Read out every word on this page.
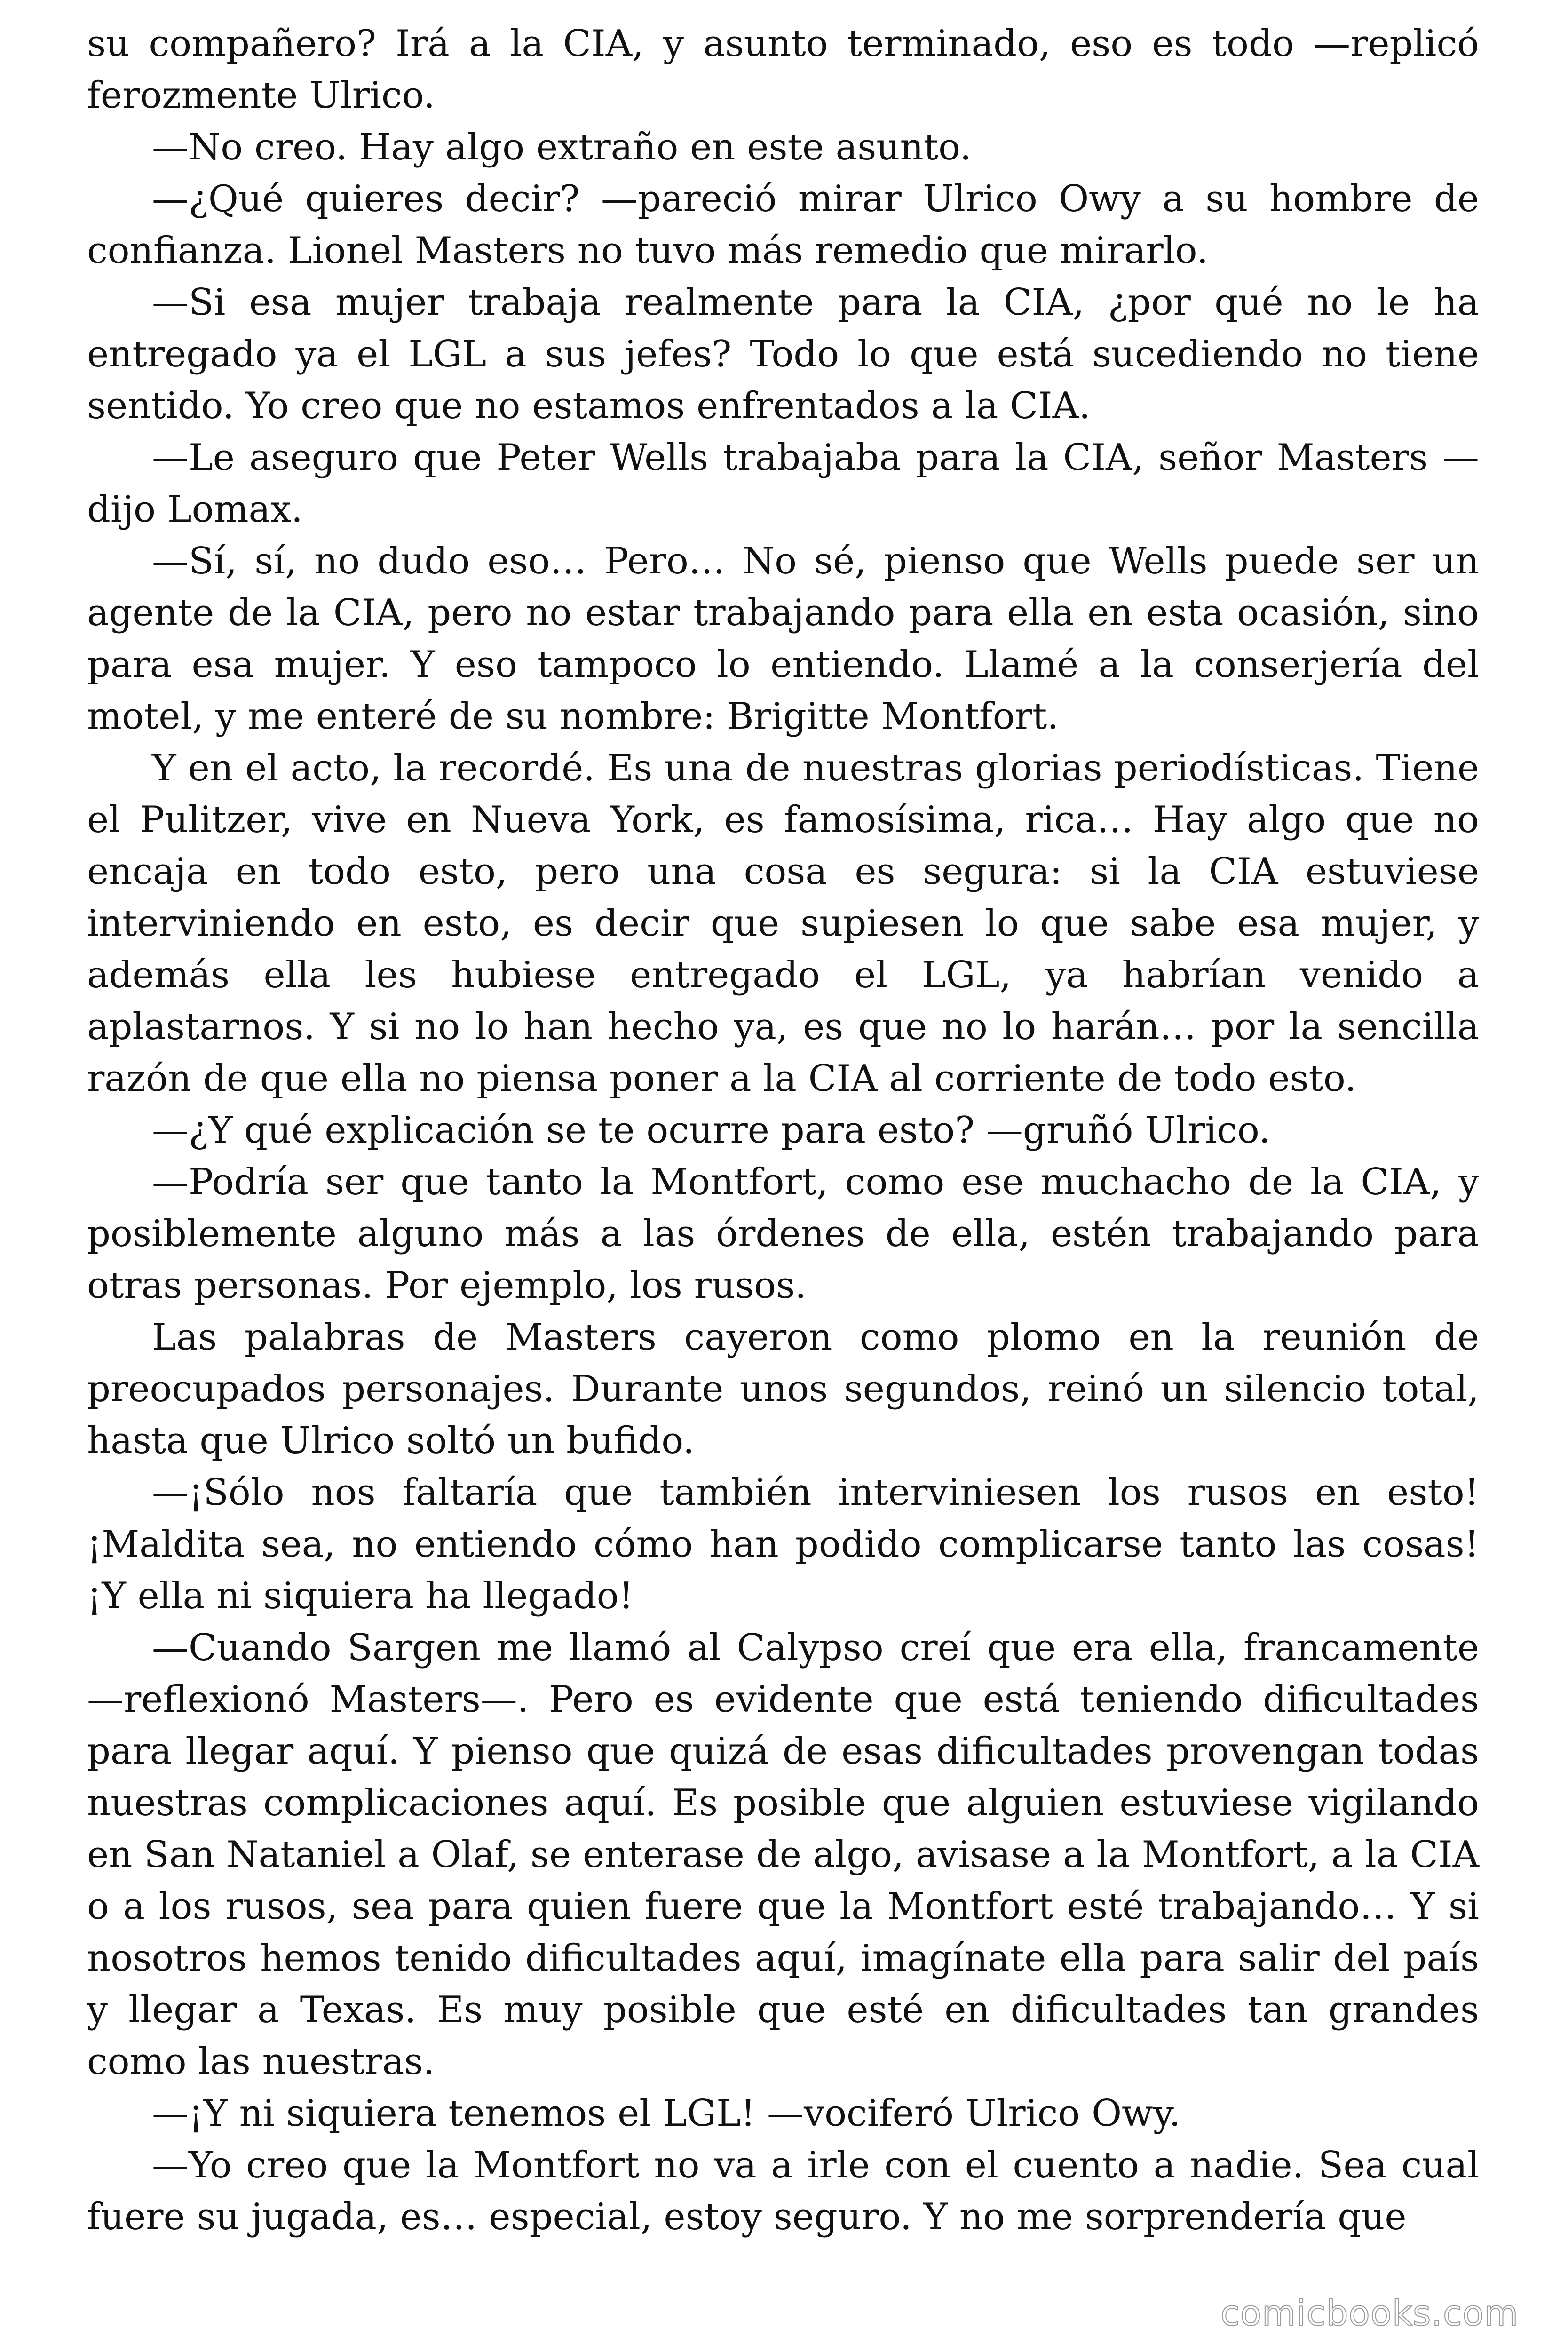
su compañero? Irá a la CIA, y asunto terminado, eso es todo —replicó ferozmente Ulrico.

—No creo. Hay algo extraño en este asunto.

—¿Qué quieres decir? —pareció mirar Ulrico Owy a su hombre de confianza. Lionel Masters no tuvo más remedio que mirarlo.

—Si esa mujer trabaja realmente para la CIA, ¿por qué no le ha entregado ya el LGL a sus jefes? Todo lo que está sucediendo no tiene sentido. Yo creo que no estamos enfrentados a la CIA.

—Le aseguro que Peter Wells trabajaba para la CIA, señor Masters —dijo Lomax.

—Sí, sí, no dudo eso… Pero… No sé, pienso que Wells puede ser un agente de la CIA, pero no estar trabajando para ella en esta ocasión, sino para esa mujer. Y eso tampoco lo entiendo. Llamé a la conserjería del motel, y me enteré de su nombre: Brigitte Montfort.

Y en el acto, la recordé. Es una de nuestras glorias periodísticas. Tiene el Pulitzer, vive en Nueva York, es famosísima, rica… Hay algo que no encaja en todo esto, pero una cosa es segura: si la CIA estuviese interviniendo en esto, es decir que supiesen lo que sabe esa mujer, y además ella les hubiese entregado el LGL, ya habrían venido a aplastarnos. Y si no lo han hecho ya, es que no lo harán… por la sencilla razón de que ella no piensa poner a la CIA al corriente de todo esto.

—¿Y qué explicación se te ocurre para esto? —gruñó Ulrico.

—Podría ser que tanto la Montfort, como ese muchacho de la CIA, y posiblemente alguno más a las órdenes de ella, estén trabajando para otras personas. Por ejemplo, los rusos.

Las palabras de Masters cayeron como plomo en la reunión de preocupados personajes. Durante unos segundos, reinó un silencio total, hasta que Ulrico soltó un bufido.

—¡Sólo nos faltaría que también interviniesen los rusos en esto! ¡Maldita sea, no entiendo cómo han podido complicarse tanto las cosas! ¡Y ella ni siquiera ha llegado!

—Cuando Sargen me llamó al Calypso creí que era ella, francamente —reflexionó Masters—. Pero es evidente que está teniendo dificultades para llegar aquí. Y pienso que quizá de esas dificultades provengan todas nuestras complicaciones aquí. Es posible que alguien estuviese vigilando en San Nataniel a Olaf, se enterase de algo, avisase a la Montfort, a la CIA o a los rusos, sea para quien fuere que la Montfort esté trabajando… Y si nosotros hemos tenido dificultades aquí, imagínate ella para salir del país y llegar a Texas. Es muy posible que esté en dificultades tan grandes como las nuestras.

—¡Y ni siquiera tenemos el LGL! —vociferó Ulrico Owy.

—Yo creo que la Montfort no va a irle con el cuento a nadie. Sea cual fuere su jugada, es… especial, estoy seguro. Y no me sorprendería que

comicbooks.com
